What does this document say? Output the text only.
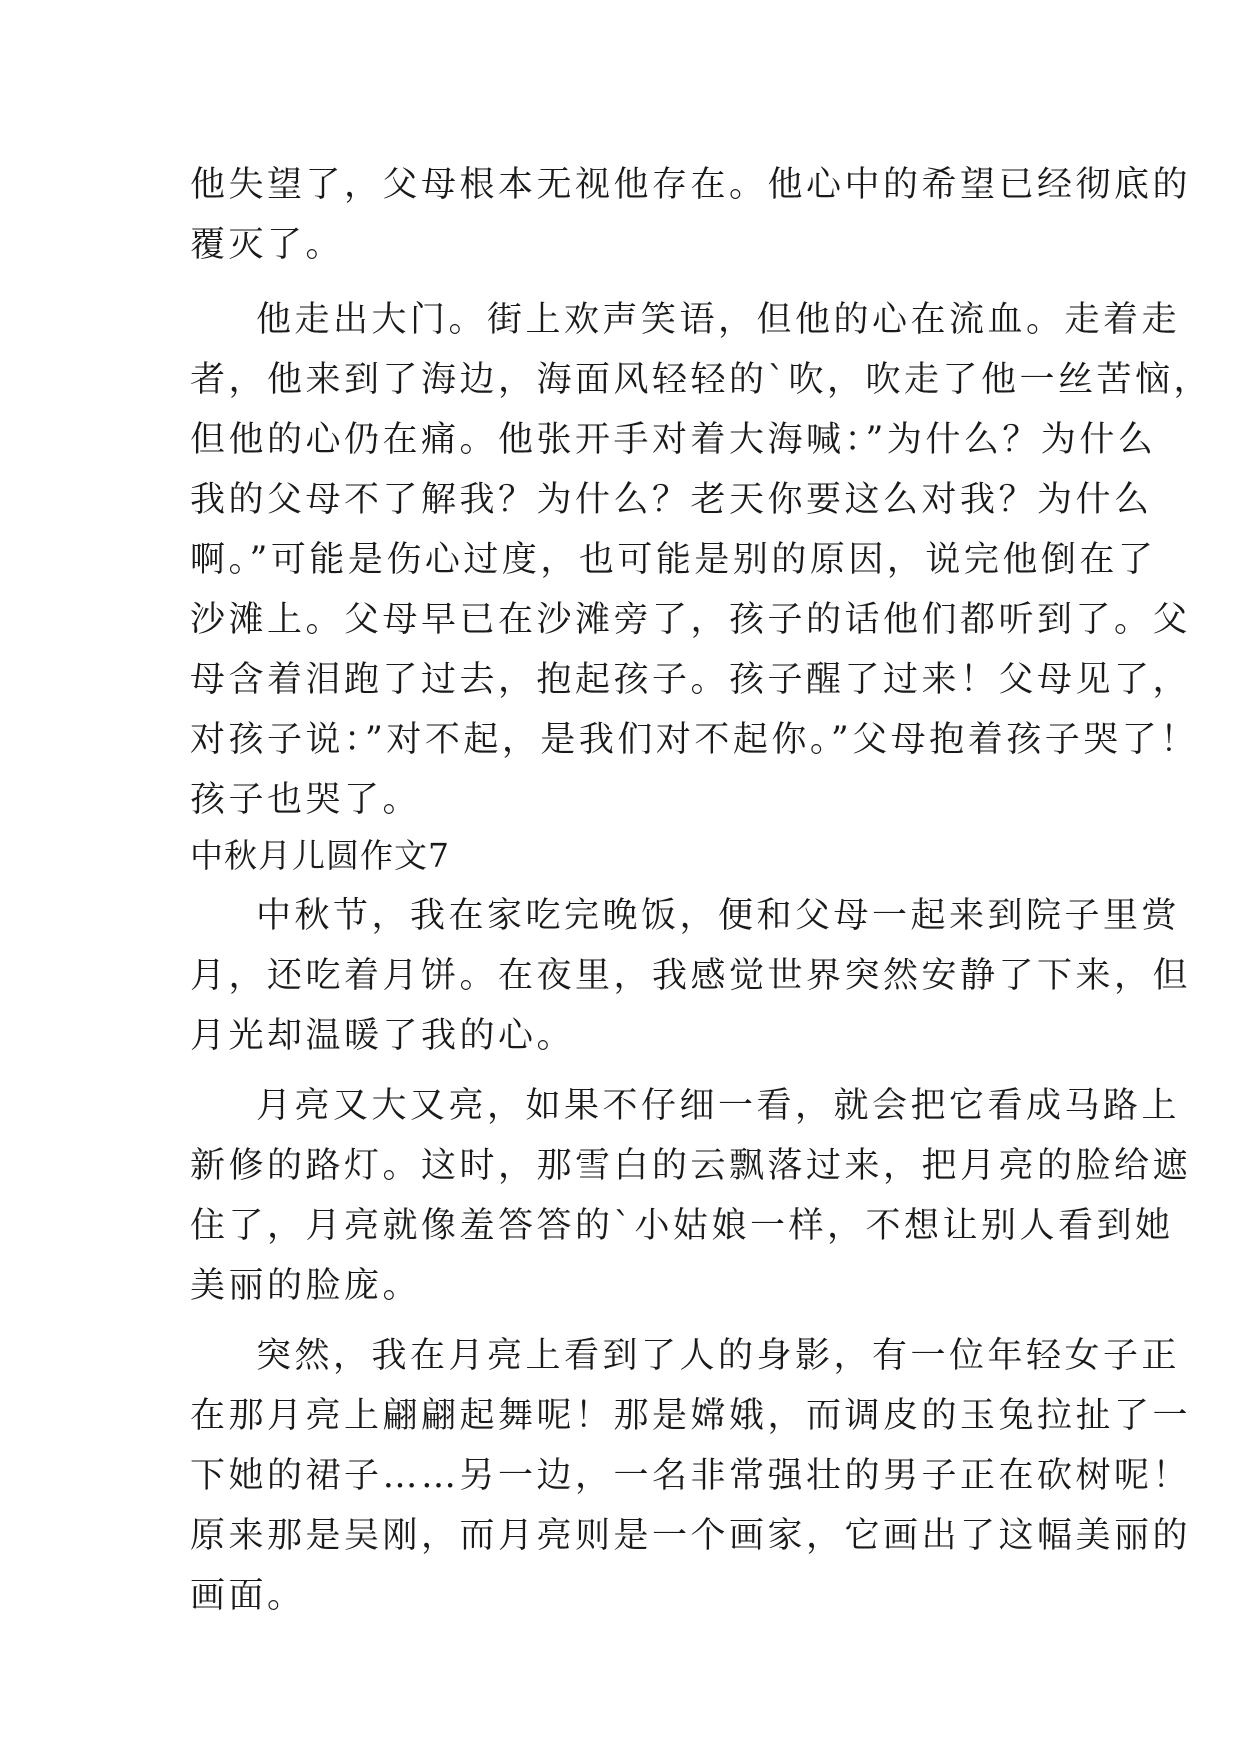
他失望了，父母根本无视他存在。他心中的希望已经彻底的
覆灭了。
他走出大门。街上欢声笑语，但他的心在流血。走着走
者，他来到了海边，海面风轻轻的`吹，吹走了他一丝苦恼，
但他的心仍在痛。他张开手对着大海喊：”为什么？为什么
我的父母不了解我？为什么？老天你要这么对我？为什么
啊。”可能是伤心过度，也可能是别的原因，说完他倒在了
沙滩上。父母早已在沙滩旁了，孩子的话他们都听到了。父
母含着泪跑了过去，抱起孩子。孩子醒了过来！父母见了，
对孩子说：”对不起，是我们对不起你。”父母抱着孩子哭了！
孩子也哭了。
中秋月儿圆作文7
中秋节，我在家吃完晚饭，便和父母一起来到院子里赏
月，还吃着月饼。在夜里，我感觉世界突然安静了下来，但
月光却温暖了我的心。
月亮又大又亮，如果不仔细一看，就会把它看成马路上
新修的路灯。这时，那雪白的云飘落过来，把月亮的脸给遮
住了，月亮就像羞答答的`小姑娘一样，不想让别人看到她
美丽的脸庞。
突然，我在月亮上看到了人的身影，有一位年轻女子正
在那月亮上翩翩起舞呢！那是嫦娥，而调皮的玉兔拉扯了一
下她的裙子……另一边，一名非常强壮的男子正在砍树呢！
原来那是吴刚，而月亮则是一个画家，它画出了这幅美丽的
画面。
